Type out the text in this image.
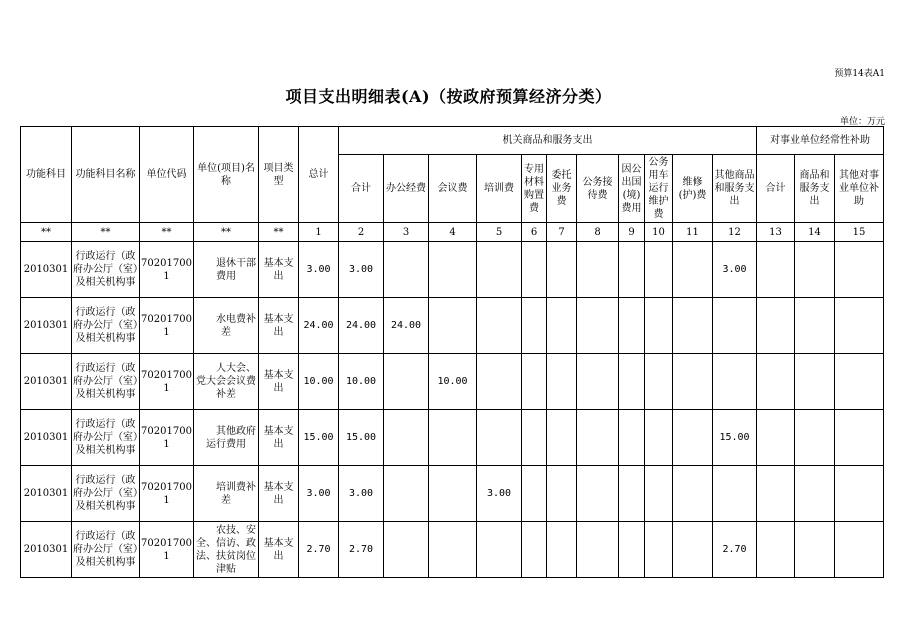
预算14表A1
项目支出明细表(A)（按政府预算经济分类）
单位：万元
功能科目	功能科目名称	单位代码	单位(项目)名称	项目类型	总计	机关商品和服务支出											对事业单位经常性补助		
						合计	办公经费	会议费	培训费	专用材料购置费	委托业务费	公务接待费	因公出国(境)费用	公务用车运行维护费	维修(护)费	其他商品和服务支出	合计	商品和服务支出	其他对事业单位补助
**	**	**	**	**	1	2	3	4	5	6	7	8	9	10	11	12	13	14	15
2010301	行政运行（政府办公厅（室）及相关机构事	702017001	退休干部费用	基本支出	3.00	3.00										3.00			
2010301	行政运行（政府办公厅（室）及相关机构事	702017001	水电费补差	基本支出	24.00	24.00	24.00												
2010301	行政运行（政府办公厅（室）及相关机构事	702017001	人大会、党大会会议费补差	基本支出	10.00	10.00		10.00											
2010301	行政运行（政府办公厅（室）及相关机构事	702017001	其他政府运行费用	基本支出	15.00	15.00										15.00			
2010301	行政运行（政府办公厅（室）及相关机构事	702017001	培训费补差	基本支出	3.00	3.00			3.00										
2010301	行政运行（政府办公厅（室）及相关机构事	702017001	农技、安全、信访、政法、扶贫岗位津贴	基本支出	2.70	2.70										2.70			
